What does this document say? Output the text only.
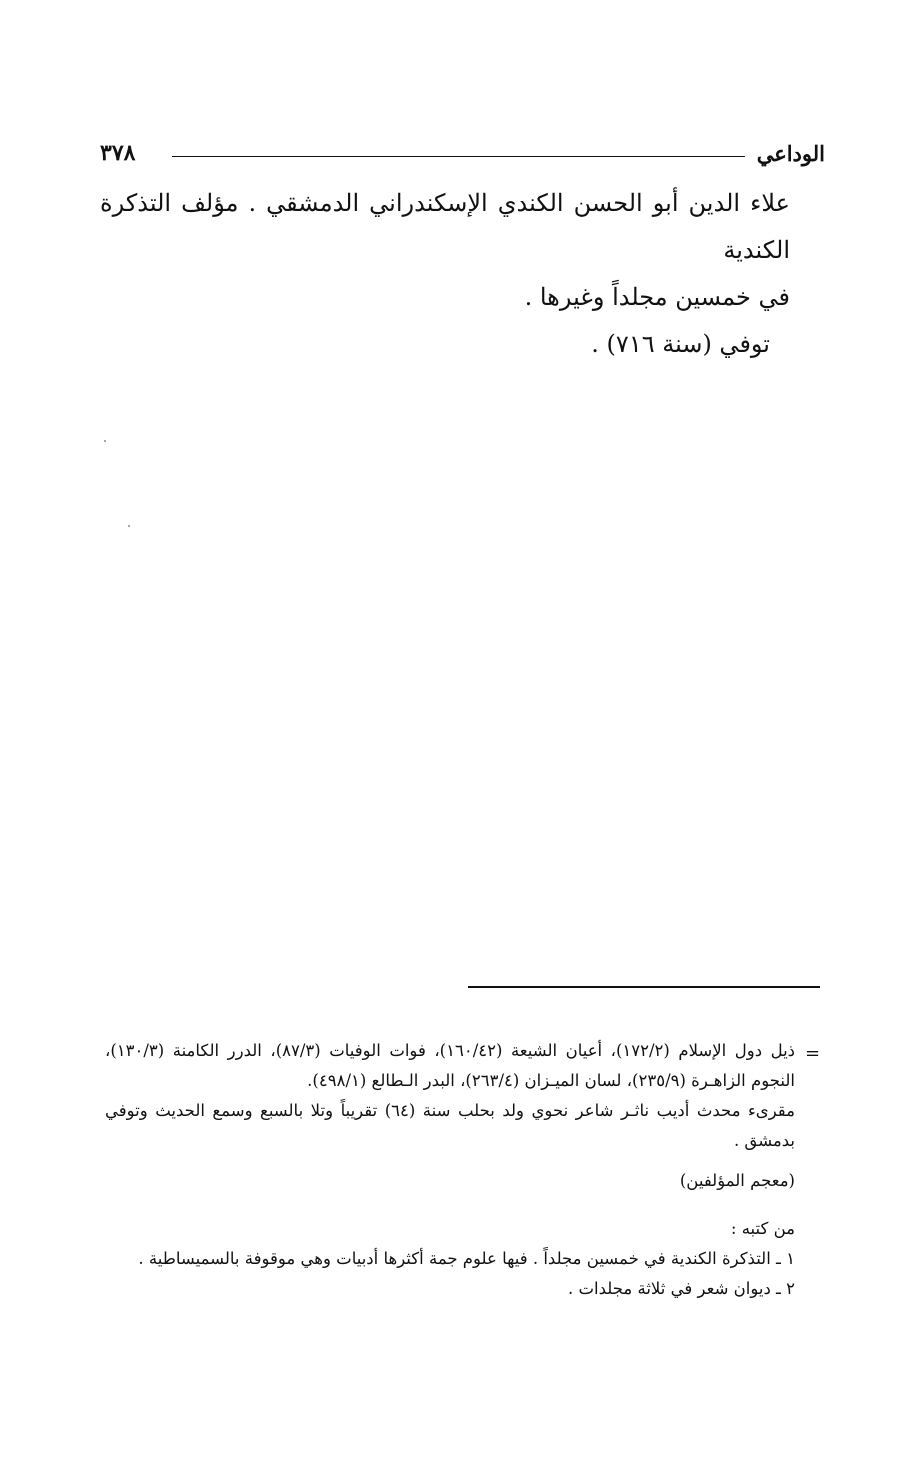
الوداعي
٣٧٨

علاء الدين أبو الحسن الكندي الإسكندراني الدمشقي . مؤلف التذكرة الكندية

في خمسين مجلداً وغيرها .

توفي (سنة ٧١٦) .

=

ذيل دول الإسلام (١٧٢/٢)، أعيان الشيعة (١٦٠/٤٢)، فوات الوفيات (٨٧/٣)، الدرر الكامنة (١٣٠/٣)، النجوم الزاهـرة (٢٣٥/٩)، لسان الميـزان (٢٦٣/٤)، البدر الـطالع (٤٩٨/١).

مقرىء محدث أديب ناثـر شاعر نحوي ولد بحلب سنة (٦٤) تقريباً وتلا بالسبع وسمع الحديث وتوفي بدمشق .

(معجم المؤلفين)

من كتبه :

١ ـ التذكرة الكندية في خمسين مجلداً . فيها علوم جمة أكثرها أدبيات وهي موقوفة بالسميساطية .

٢ ـ ديوان شعر في ثلاثة مجلدات .
